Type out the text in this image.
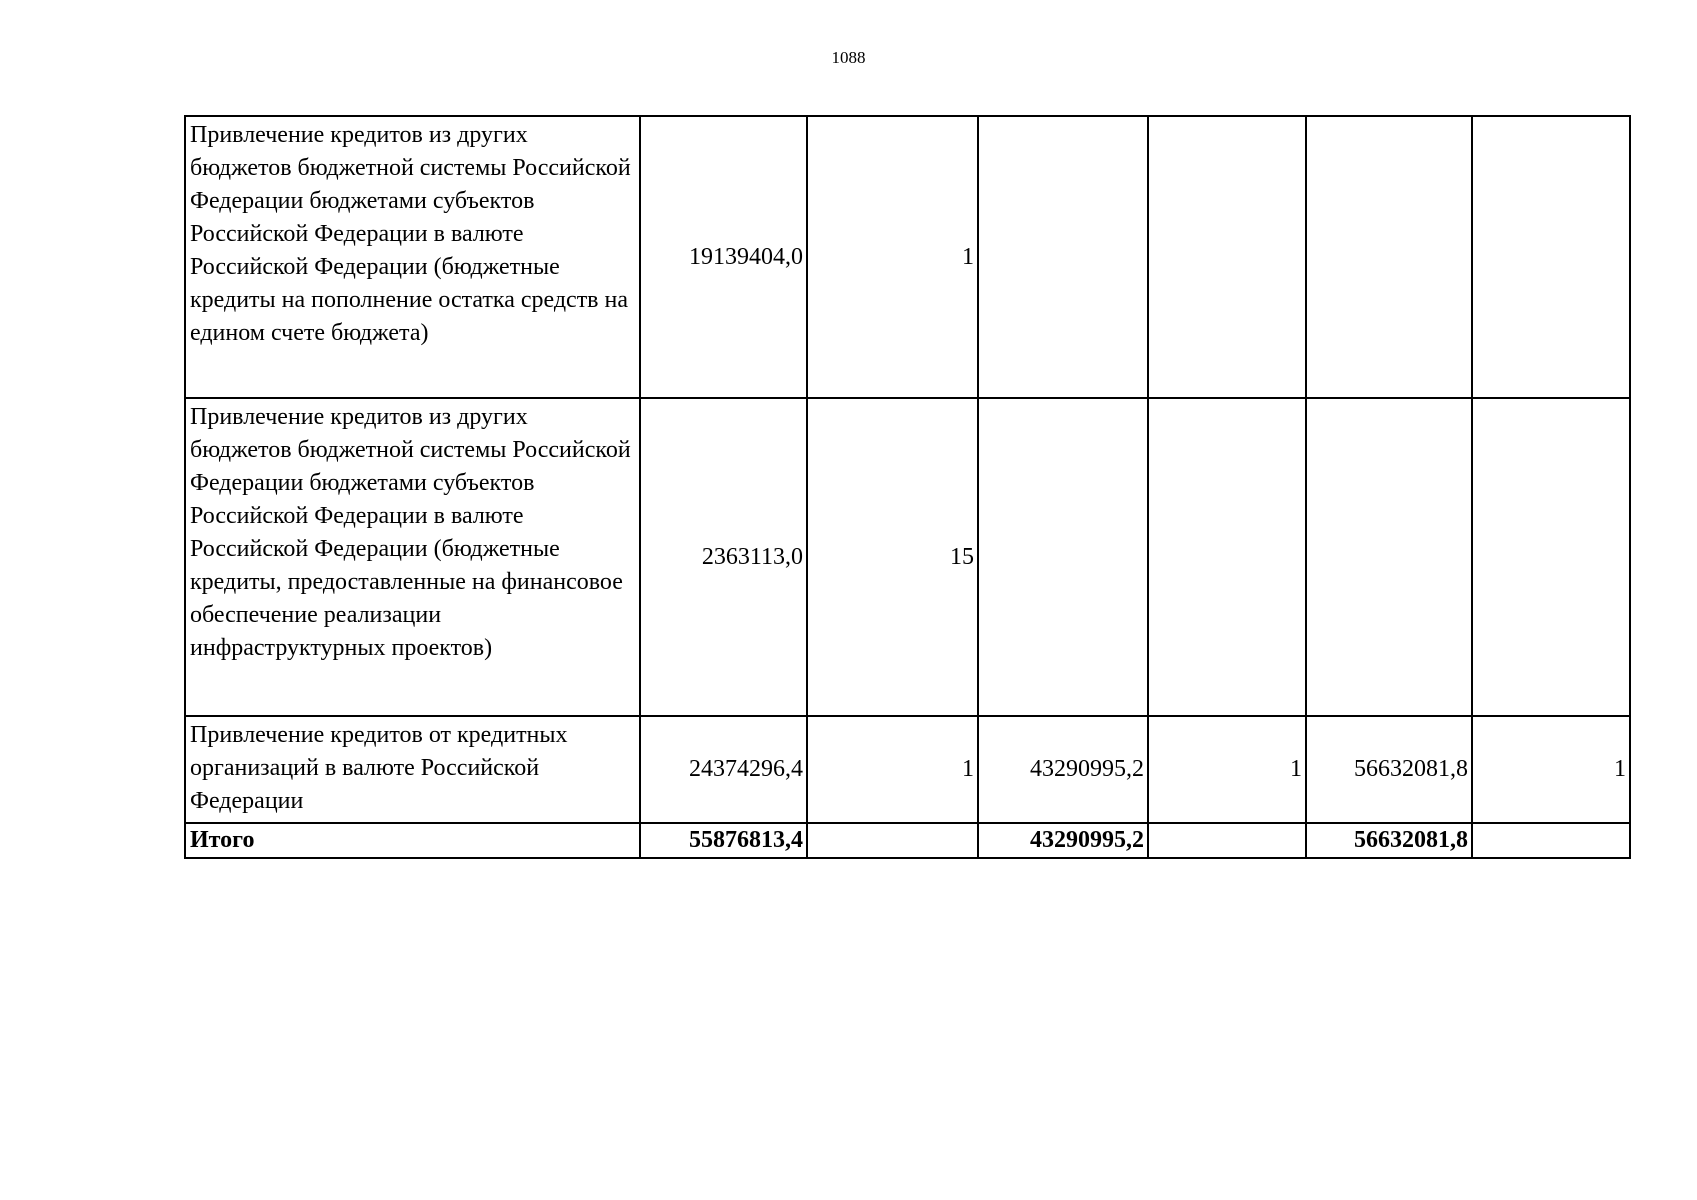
1088
Привлечение кредитов из других бюджетов бюджетной системы Российской Федерации бюджетами субъектов Российской Федерации в валюте Российской Федерации (бюджетные кредиты на пополнение остатка средств на едином счете бюджета)	19139404,0	1				
Привлечение кредитов из других бюджетов бюджетной системы Российской Федерации бюджетами субъектов Российской Федерации в валюте Российской Федерации (бюджетные кредиты, предоставленные на финансовое обеспечение реализации инфраструктурных проектов)	2363113,0	15				
Привлечение кредитов от кредитных организаций в валюте Российской Федерации	24374296,4	1	43290995,2	1	56632081,8	1
Итого	55876813,4		43290995,2		56632081,8	
